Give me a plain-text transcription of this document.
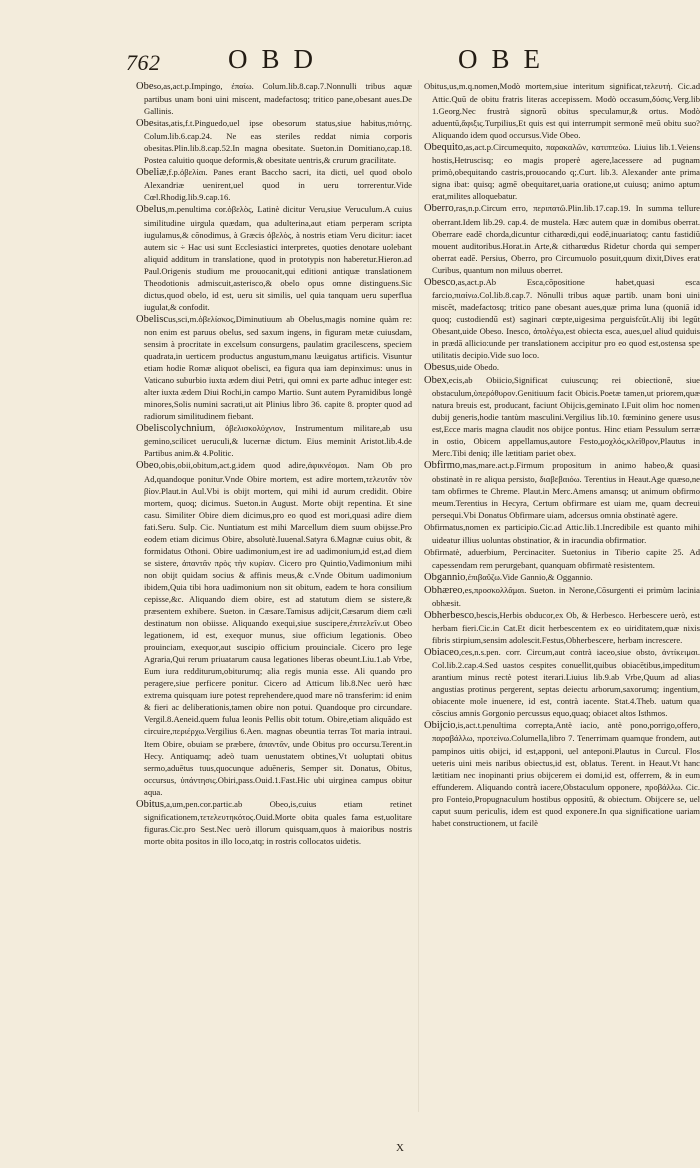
762	OBD	OBE

Obeso,as,act.p.Impingo, ἐπαίω. Colum.lib.8.cap.7.Nonnulli tribus aquæ partibus unam boni uini miscent, madefactosq; tritico pane,obesant aues.De Gallinis.

Obesitas,atis,f.t.Pinguedo,uel ipse obesorum status,siue habitus,πιότης. Colum.lib.6.cap.24. Ne eas steriles reddat nimia corporis obesitas.Plin.lib.8.cap.52.In magna obesitate. Sueton.in Domitiano,cap.18. Postea caluitio quoque deformis,& obesitate uentris,& crurum gracilitate.

Obeliæ,f.p.ὀβελίαι. Panes erant Baccho sacri, ita dicti, uel quod obolo Alexandriæ uenirent,uel quod in ueru torrerentur.Vide Cœl.Rhodig.lib.9.cap.16.

Obelus,m.penultima cor.ὀβελὸς, Latinè dicitur Veru,siue Veruculum.A cuius similitudine uirgula quædam, qua adulterina,aut etiam perperam scripta iugulamus,& cōnodimus, à Græcis ὀβελὸς, à nostris etiam Veru dicitur: iacet autem sic ÷ Hac usi sunt Ecclesiastici interpretes, quoties denotare uolebant aliquid additum in translatione, quod in prototypis non haberetur.Hieron.ad Paul.Origenis studium me prouocanit,qui editioni antiquæ translationem Theodotionis admiscuit,asterisco,& obelo opus omne distinguens.Sic dictus,quod obelo, id est, ueru sit similis, uel quia tanquam ueru superflua iugulat,& confodit.

Obeliscus,sci,m.ὀβελίσκος,Diminutiuum ab Obelus,magis nomine quàm re: non enim est paruus obelus, sed saxum ingens, in figuram metæ cuiusdam, sensim à procritate in excelsum consurgens, paulatim gracilescens, speciem quadrata,in uerticem productus angustum,manu læuigatus artificis. Visuntur etiam hodie Romæ aliquot obelisci, ea figura qua iam depinximus: unus in Vaticano suburbio iuxta ædem diui Petri, qui omni ex parte adhuc integer est: alter iuxta ædem Diui Rochi,in campo Martio. Sunt autem Pyramidibus longè minores,Solis numini sacrati,ut ait Plinius libro 36. capite 8. propter quod ad radiorum similitudinem fiebant.

Obeliscolychnium, ὀβελισκολύχνιον, Instrumentum militare,ab usu gemino,scilicet ueruculi,& lucernæ dictum. Eius meminit Aristot.lib.4.de Partibus anim.& 4.Politic.

Obeo,obis,obii,obitum,act.g.idem quod adire,ἀφικνέομαι. Nam Ob pro Ad,quandoque ponitur.Vnde Obire mortem, est adire mortem,τελευτᾶν τὸν βίον.Plaut.in Aul.Vbi is obijt mortem, qui mihi id aurum credidit. Obire mortem, quoq; dicimus. Sueton.in August. Morte obijt repentina. Et sine casu. Similiter Obire diem dicimus,pro eo quod est mori,quasi adire diem fati.Seru. Sulp. Cic. Nuntiatum est mihi Marcellum diem suum obijsse.Pro eodem etiam dicimus Obire, absolutè.Iuuenal.Satyra 6.Magnæ cuius obit, & formidatus Othoni. Obire uadimonium,est ire ad uadimonium,id est,ad diem se sistere, ἀπαντᾶν πρὸς τὴν κυρίαν. Cicero pro Quintio,Vadimonium mihi non obijt quidam socius & affinis meus,& c.Vnde Obitum uadimonium ibidem,Quia tibi hora uadimonium non sit obitum, eadem te hora consilium cepisse,&c. Aliquando diem obire, est ad statutum diem se sistere,& præsentem exhibere. Sueton. in Cæsare.Tamisus adijcit,Cæsarum diem cæli destinatum non obiisse. Aliquando exequi,siue suscipere,ἐπιτελεῖν.ut Obeo legationem, id est, exequor munus, siue officium legationis. Obeo prouinciam, exequor,aut suscipio officium prouinciale. Cicero pro lege Agraria,Qui rerum priuatarum causa legationes liberas obeunt.Liu.1.ab Vrbe, Eum iura redditurum,obiturumq; alia regis munia esse. Ali quando pro peragere,siue perficere ponitur. Cicero ad Atticum lib.8.Nec uerò hæc extrema quisquam iure potest reprehendere,quod mare nō transferim: id enim & fieri ac deliberationis,tamen obire non potui. Quandoque pro circundare. Vergil.8.Aeneid.quem fulua leonis Pellis obit totum. Obire,etiam aliquādo est circuire,περιέρχω.Vergilius 6.Aen. magnas obeuntia terras Tot maria intraui. Item Obire, obuiam se præbere, ἀπαντᾶν, unde Obitus pro occursu.Terent.in Hecy. Antiquamq; adeò tuam uenustatem obtines,Vt uoluptati obitus sermo,aduētus tuus,quocunque aduēneris, Semper sit. Donatus, Obitus, occursus, ὑπάντησις.Obiri,pass.Ouid.1.Fast.Hic ubi uirginea campus obitur aqua.

Obitus,a,um,pen.cor.partic.ab Obeo,is,cuius etiam retinet significationem,τετελευτηκότος.Ouid.Morte obita quales fama est,uolitare figuras.Cic.pro Sest.Nec uerò illorum quisquam,quos à maioribus nostris morte obita positos in illo loco,atq; in rostris collocatos uidetis.

Obitus,us,m.q.nomen,Modò mortem,siue interitum significat,τελευτή. Cic.ad Attic.Quū de obitu fratris literas accepissem. Modò occasum,δύσις.Verg.lib 1.Georg.Nec frustrà signorū obitus speculamur,& ortus. Modò aduentū,ἄφιξις.Turpilius,Et quis est qui interrumpit sermonē meū obitu suo?Aliquando idem quod occursus.Vide Obeo.

Obequito,as,act.p.Circumequito, παρακαλῶν, κατιππεύω. Liuius lib.1.Veiens hostis,Hetruscisq; eo magis properè agere,lacessere ad pugnam primò,obequitando castris,prouocando q;.Curt. lib.3. Alexander ante prima signa ibat: quisq; agmē obequitaret,uaria oratione,ut cuiusq; animo aptum erat,milites alloquebatur.

Oberro,ras,n.p.Circum erro, περιπατῶ.Plin.lib.17.cap.19. In summa tellure oberrant.Idem lib.29. cap.4. de mustela. Hæc autem quæ in domibus oberrat. Oberrare eadē chorda,dicuntur citharœdi,qui eodē,inuariatoq; cantu fastidiū mouent auditoribus.Horat.in Arte,& citharœdus Ridetur chorda qui semper oberrat eadē. Persius, Oberro, pro Circumuolo posuit,quum dixit,Dives erat Curibus, quantum non miluus oberret.

Obesco,as,act.p.Ab Esca,cōpositione habet,quasi esca farcio,πιαίνω.Col.lib.8.cap.7. Nōnulli tribus aquæ partib. unam boni uini miscēt, madefactosq; tritico pane obesant aues,quæ prima luna (quoniā id quoq; custodiendū est) saginari cœpte,uigesima perguisfcūt.Alij ibi legūt Obesant,uide Obeso. Inesco, ἀπολέγω,est obiecta esca, aues,uel aliud quiduis in prædā allicio:unde per translationem accipitur pro eo quod est,ostensa spe utilitatis decipio.Vide suo loco.

Obesus,uide Obedo.

Obex,ecis,ab Obiicio,Significat cuiuscunq; rei obiectionē, siue obstaculum,ὑπερόθυρον.Genitiuum facit Obicis.Poetæ tamen,ut priorem,quæ natura breuis est, producant, faciunt Obijcis,geminato I.Fuit olim hoc nomen dubij generis,hodie tantùm masculini.Vergilius lib.10. fœminino genere usus est,Ecce maris magna claudit nos obijce pontus. Hinc etiam Pessulum serræ in ostio, Obicem appellamus,autore Festo,μοχλός,κλεῖθρον,Plautus in Merc.Tibi deniq; ille lætitiam pariet obex.

Obfirmo,mas,mare.act.p.Firmum propositum in animo habeo,& quasi obstinatè in re aliqua persisto, διαβεβαιόω. Terentius in Heaut.Age quæso,ne tam obfirmes te Chreme. Plaut.in Merc.Amens amansq; ut animum obfirmo meum.Terentius in Hecyra, Certum obfirmare est uiam me, quam decreui persequi.Vbi Donatus Obfirmare uiam, adcersus omnia obstinatè agere.

Obfirmatus,nomen ex participio.Cic.ad Attic.lib.1.Incredibile est quanto mihi uideatur illius uoluntas obstinatior, & in iracundia obfirmatior.

Obfirmatè, aduerbium, Percinaciter. Suetonius in Tiberio capite 25. Ad capessendam rem perurgebant, quanquam obfirmatè resistentem.

Obgannio,ἐπιβαΰζω.Vide Gannio,& Oggannio.

Obhæreo,es,προσκολλᾶμαι. Sueton. in Nerone,Cōsurgenti ei primùm lacinia obhæsit.

Obherbesco,bescis,Herbis obducor,ex Ob, & Herbesco. Herbescere uerò, est herbam fieri.Cic.in Cat.Et dicit herbescentem ex eo uiriditatem,quæ nixis fibris stirpium,sensim adolescit.Festus,Obherbescere, herbam increscere.

Obiaceo,ces,n.s.pen. corr. Circum,aut contrà iaceo,siue obsto, ἀντίκειμαι. Col.lib.2.cap.4.Sed uastos cespites conuellit,quibus obiacētibus,impeditum arantium minus rectè potest iterari.Liuius lib.9.ab Vrbe,Quum ad alias angustias protinus pergerent, septas deiectu arborum,saxorumq; ingentium, obiacente mole inuenere, id est, contrà iacente. Stat.4.Theb. uatum qua cōscius amnis Gorgonio percussus equo,quaq; obiacet altos Isthmos.

Obijcio,is,act.t.penultima correpta,Antè iacio, antè pono,porrigo,offero, παραβάλλω, προτείνω.Columella,libro 7. Tenerrimam quamque frondem, aut pampinos uitis obijci, id est,apponi, uel anteponi.Plautus in Curcul. Flos ueteris uini meis naribus obiectus,id est, oblatus. Terent. in Heaut.Vt hanc lætitiam nec inopinanti prius obijcerem ei domi,id est, offerrem, & in eum effunderem. Aliquando contrà iacere,Obstaculum opponere, προβάλλω. Cic. pro Fonteio,Propugnaculum hostibus oppositū, & obiectum. Obijcere se, uel caput suum periculis, idem est quod exponere.In qua significatione uariam habet constructionem, ut facilè

X
